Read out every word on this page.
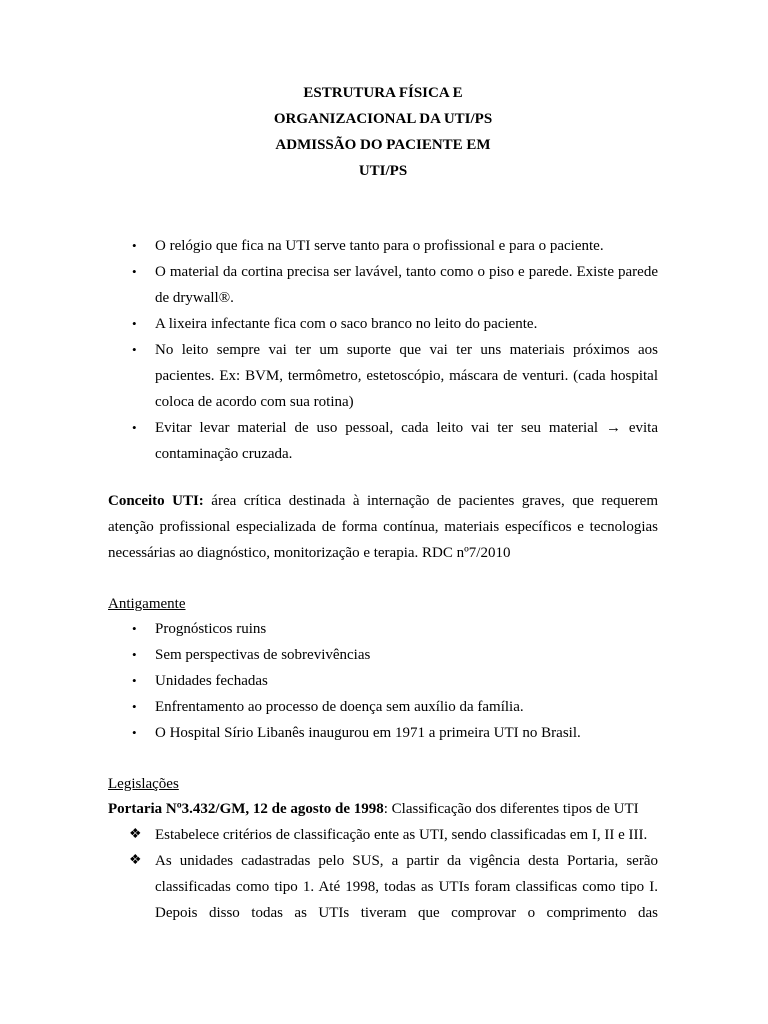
ESTRUTURA FÍSICA E
ORGANIZACIONAL DA UTI/PS
ADMISSÃO DO PACIENTE EM
UTI/PS
• O relógio que fica na UTI serve tanto para o profissional e para o paciente.
• O material da cortina precisa ser lavável, tanto como o piso e parede. Existe parede de drywall®.
• A lixeira infectante fica com o saco branco no leito do paciente.
• No leito sempre vai ter um suporte que vai ter uns materiais próximos aos pacientes. Ex: BVM, termômetro, estetoscópio, máscara de venturi. (cada hospital coloca de acordo com sua rotina)
• Evitar levar material de uso pessoal, cada leito vai ter seu material → evita contaminação cruzada.
Conceito UTI: área crítica destinada à internação de pacientes graves, que requerem atenção profissional especializada de forma contínua, materiais específicos e tecnologias necessárias ao diagnóstico, monitorização e terapia. RDC nº7/2010
Antigamente
• Prognósticos ruins
• Sem perspectivas de sobrevivências
• Unidades fechadas
• Enfrentamento ao processo de doença sem auxílio da família.
• O Hospital Sírio Libanês inaugurou em 1971 a primeira UTI no Brasil.
Legislações
Portaria Nº3.432/GM, 12 de agosto de 1998: Classificação dos diferentes tipos de UTI
❖ Estabelece critérios de classificação ente as UTI, sendo classificadas em I, II e III.
❖ As unidades cadastradas pelo SUS, a partir da vigência desta Portaria, serão classificadas como tipo 1. Até 1998, todas as UTIs foram classificas como tipo I. Depois disso todas as UTIs tiveram que comprovar o comprimento das
